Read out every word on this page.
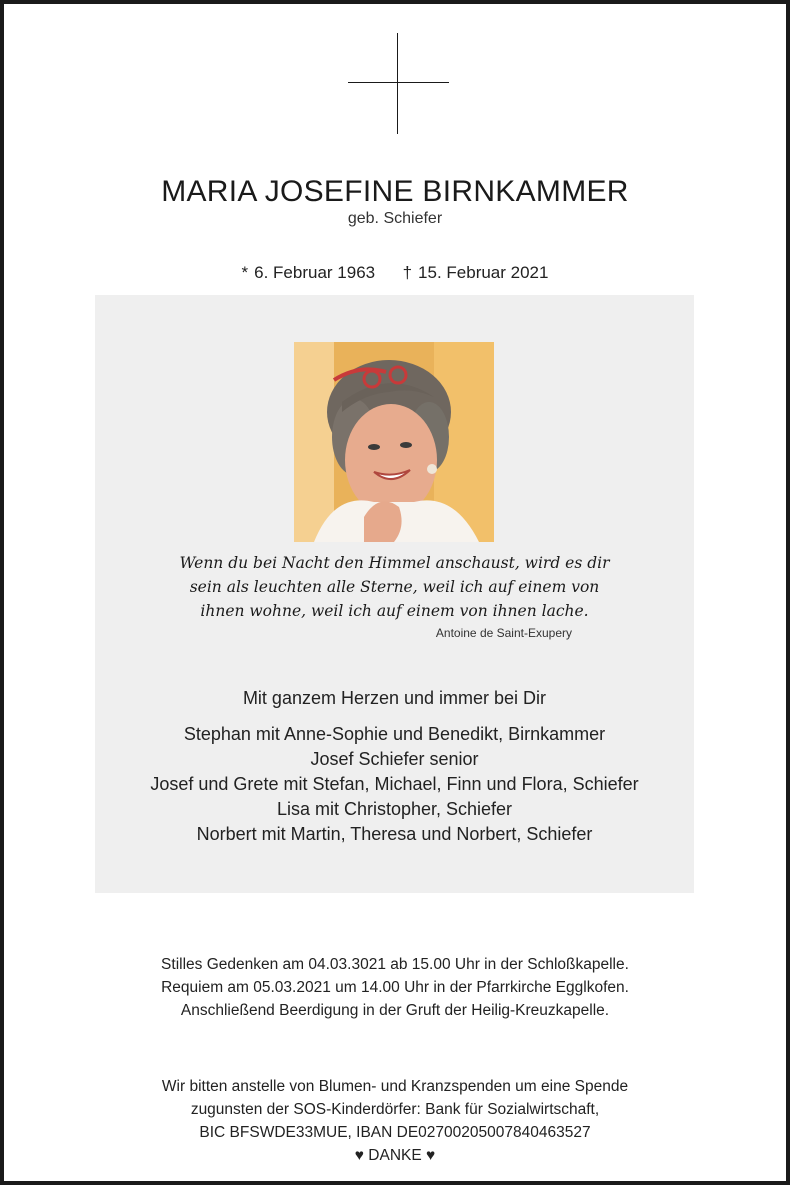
MARIA JOSEFINE BIRNKAMMER
geb. Schiefer
* 6. Februar 1963 † 15. Februar 2021
Wenn du bei Nacht den Himmel anschaust, wird es dir
sein als leuchten alle Sterne, weil ich auf einem von
ihnen wohne, weil ich auf einem von ihnen lache.
Antoine de Saint-Exupery
Mit ganzem Herzen und immer bei Dir
Stephan mit Anne-Sophie und Benedikt, Birnkammer
Josef Schiefer senior
Josef und Grete mit Stefan, Michael, Finn und Flora, Schiefer
Lisa mit Christopher, Schiefer
Norbert mit Martin, Theresa und Norbert, Schiefer
Stilles Gedenken am 04.03.3021 ab 15.00 Uhr in der Schloßkapelle.
Requiem am 05.03.2021 um 14.00 Uhr in der Pfarrkirche Egglkofen.
Anschließend Beerdigung in der Gruft der Heilig-Kreuzkapelle.
Wir bitten anstelle von Blumen- und Kranzspenden um eine Spende
zugunsten der SOS-Kinderdörfer: Bank für Sozialwirtschaft,
BIC BFSWDE33MUE, IBAN DE02700205007840463527
♥ DANKE ♥
